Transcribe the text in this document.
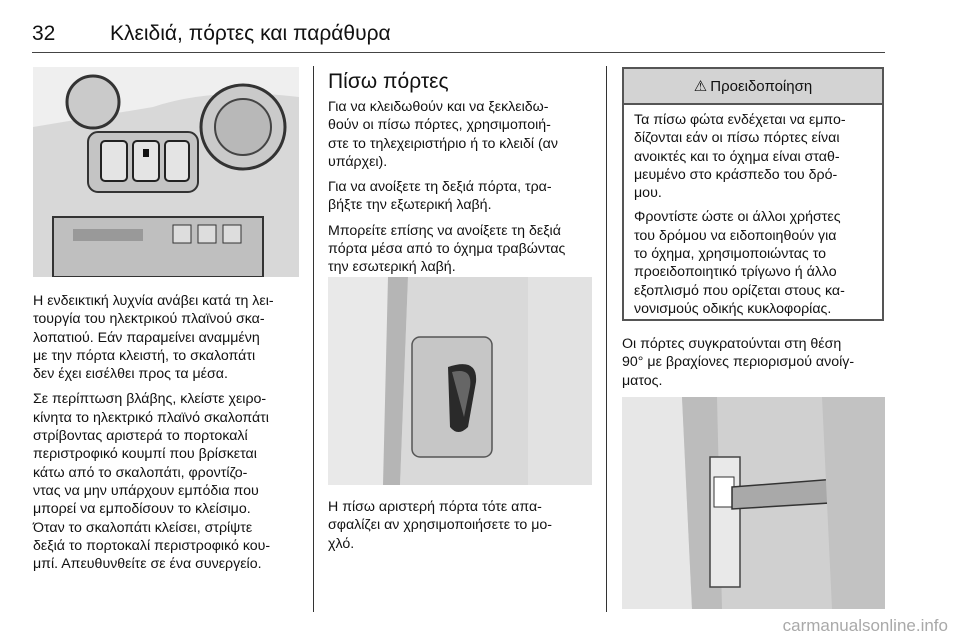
32	Κλειδιά, πόρτες και παράθυρα

Η ενδεικτική λυχνία ανάβει κατά τη λει-
τουργία του ηλεκτρικού πλαϊνού σκα-
λοπατιού. Εάν παραμείνει αναμμένη
με την πόρτα κλειστή, το σκαλοπάτι
δεν έχει εισέλθει προς τα μέσα.

Σε περίπτωση βλάβης, κλείστε χειρο-
κίνητα το ηλεκτρικό πλαϊνό σκαλοπάτι
στρίβοντας αριστερά το πορτοκαλί
περιστροφικό κουμπί που βρίσκεται
κάτω από το σκαλοπάτι, φροντίζο-
ντας να μην υπάρχουν εμπόδια που
μπορεί να εμποδίσουν το κλείσιμο.
Όταν το σκαλοπάτι κλείσει, στρίψτε
δεξιά το πορτοκαλί περιστροφικό κου-
μπί. Απευθυνθείτε σε ένα συνεργείο.

Πίσω πόρτες

Για να κλειδωθούν και να ξεκλειδω-
θούν οι πίσω πόρτες, χρησιμοποιή-
στε το τηλεχειριστήριο ή το κλειδί (αν
υπάρχει).

Για να ανοίξετε τη δεξιά πόρτα, τρα-
βήξτε την εξωτερική λαβή.

Μπορείτε επίσης να ανοίξετε τη δεξιά
πόρτα μέσα από το όχημα τραβώντας
την εσωτερική λαβή.

Η πίσω αριστερή πόρτα τότε απα-
σφαλίζει αν χρησιμοποιήσετε το μο-
χλό.

⚠ Προειδοποίηση

Τα πίσω φώτα ενδέχεται να εμπο-
δίζονται εάν οι πίσω πόρτες είναι
ανοικτές και το όχημα είναι σταθ-
μευμένο στο κράσπεδο του δρό-
μου.

Φροντίστε ώστε οι άλλοι χρήστες
του δρόμου να ειδοποιηθούν για
το όχημα, χρησιμοποιώντας το
προειδοποιητικό τρίγωνο ή άλλο
εξοπλισμό που ορίζεται στους κα-
νονισμούς οδικής κυκλοφορίας.

Οι πόρτες συγκρατούνται στη θέση
90° με βραχίονες περιορισμού ανοίγ-
ματος.

carmanualsonline.info
